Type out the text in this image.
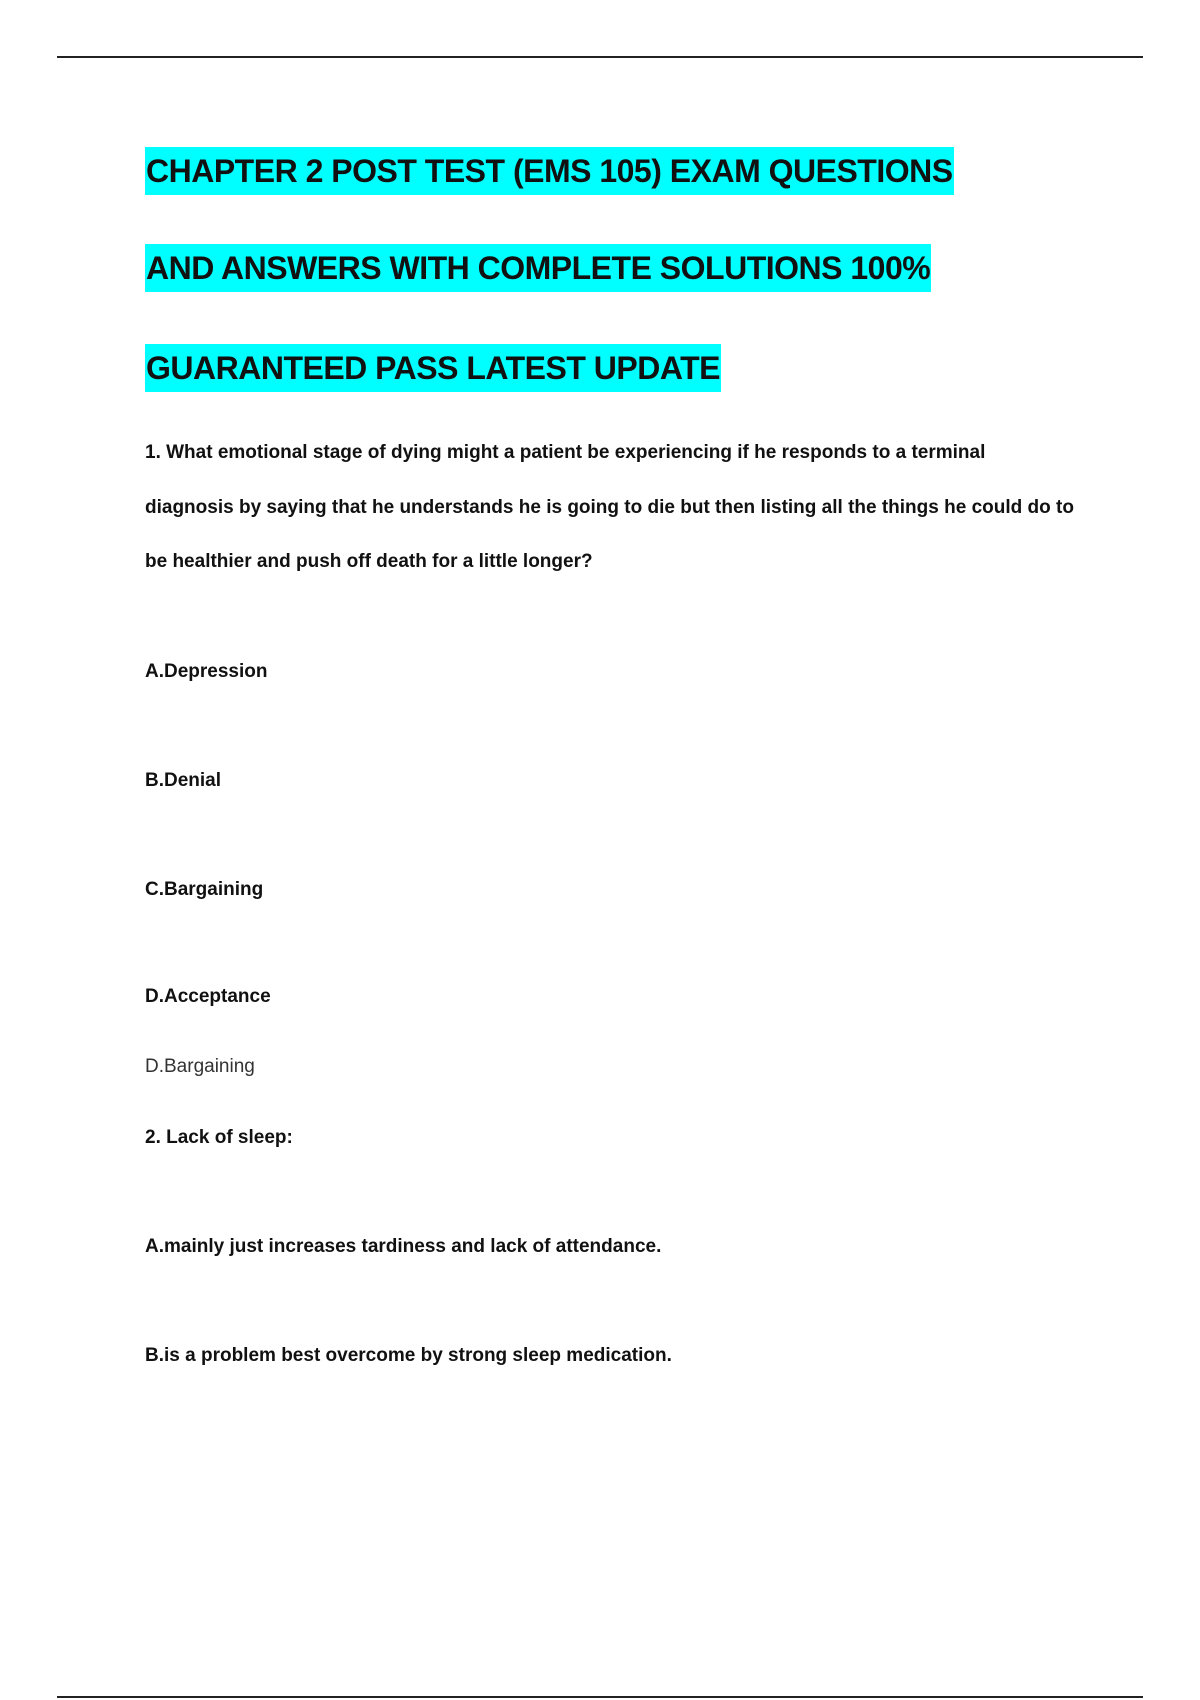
CHAPTER 2 POST TEST (EMS 105) EXAM QUESTIONS
AND ANSWERS WITH COMPLETE SOLUTIONS 100%
GUARANTEED PASS LATEST UPDATE
1. What emotional stage of dying might a patient be experiencing if he responds to a terminal
diagnosis by saying that he understands he is going to die but then listing all the things he could do to
be healthier and push off death for a little longer?
A.Depression
B.Denial
C.Bargaining
D.Acceptance
D.Bargaining
2. Lack of sleep:
A.mainly just increases tardiness and lack of attendance.
B.is a problem best overcome by strong sleep medication.
